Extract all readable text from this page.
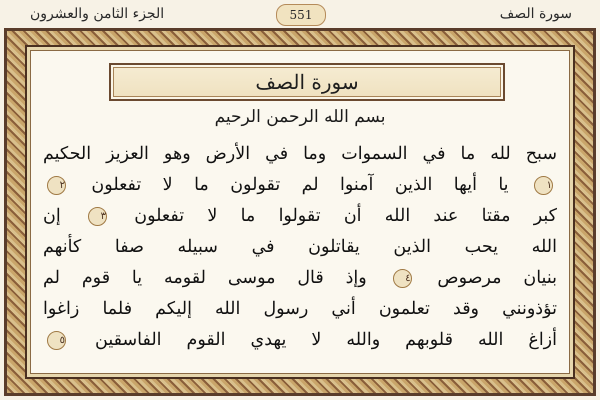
الجزء الثامن والعشرون	551	سورة الصف
سورة الصف
بسم الله الرحمن الرحيم
سبح لله ما في السموات وما في الأرض وهو العزيز الحكيم
١ يا أيها الذين آمنوا لم تقولون ما لا تفعلون ٢
كبر مقتا عند الله أن تقولوا ما لا تفعلون ٣ إن
الله يحب الذين يقاتلون في سبيله صفا كأنهم
بنيان مرصوص ٤ وإذ قال موسى لقومه يا قوم لم
تؤذونني وقد تعلمون أني رسول الله إليكم فلما زاغوا
أزاغ الله قلوبهم والله لا يهدي القوم الفاسقين ٥
